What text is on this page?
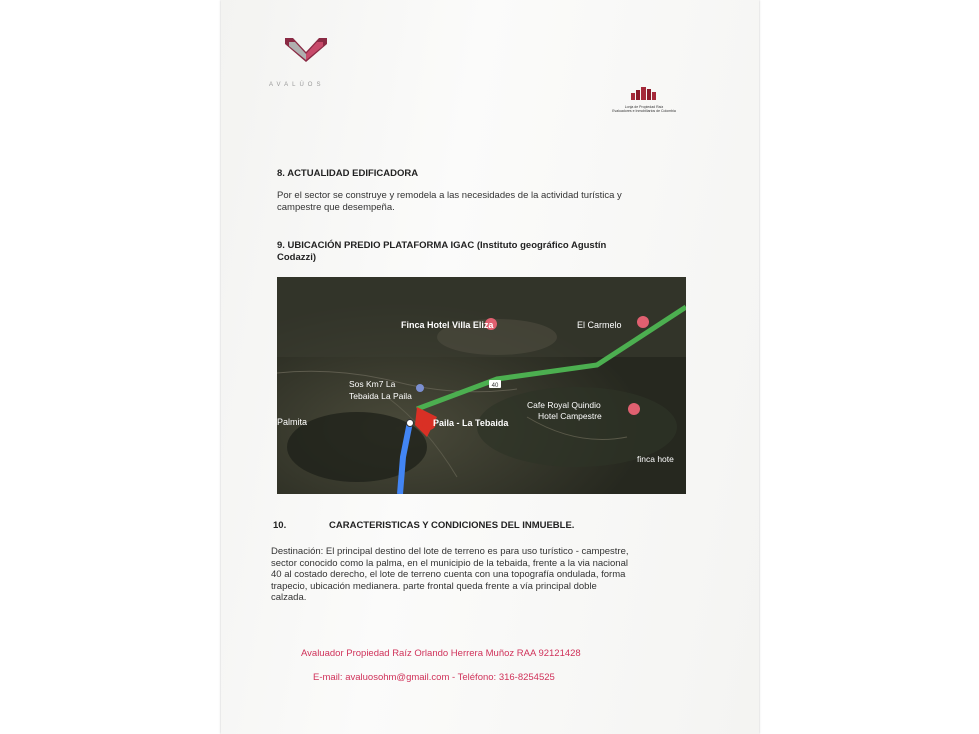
AVALÚOS
Lonja de Propiedad Raíz
Evaluadores e Inmobiliarios de Colombia
8. ACTUALIDAD EDIFICADORA
Por el sector se construye y remodela a las necesidades de la actividad turística y
campestre que desempeña.
9. UBICACIÓN PREDIO PLATAFORMA IGAC (Instituto geográfico Agustín
Codazzi)
40
Finca Hotel Villa Eliza	El Carmelo
Sos Km7 La
Tebaida La Paila
Palmita	Paila - La Tebaida
Cafe Royal Quindio
Hotel Campestre
finca hote
10.	CARACTERISTICAS Y CONDICIONES DEL INMUEBLE.
Destinación: El principal destino del lote de terreno es para uso turístico - campestre,
sector conocido como la palma, en el municipio de la tebaida, frente a la via nacional
40 al costado derecho, el lote de terreno cuenta con una topografía ondulada, forma
trapecio, ubicación medianera. parte frontal queda frente a vía principal doble
calzada.
Avaluador Propiedad Raíz Orlando Herrera Muñoz RAA 92121428
E-mail: avaluosohm@gmail.com - Teléfono: 316-8254525
